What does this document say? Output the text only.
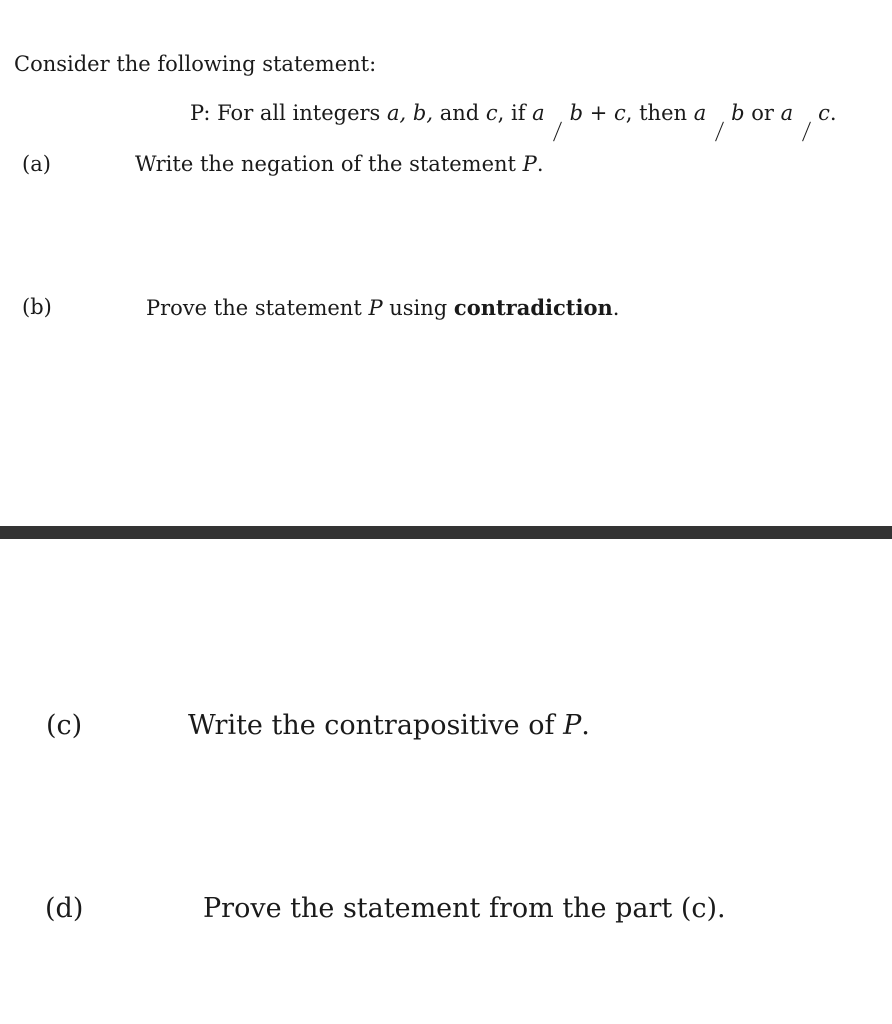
Consider the following statement:
P: For all integers a, b, and c, if a b + c, then a b or a c.
(a)	Write the negation of the statement P.
(b)	Prove the statement P using contradiction.
(c)	Write the contrapositive of P.
(d)	Prove the statement from the part (c).
